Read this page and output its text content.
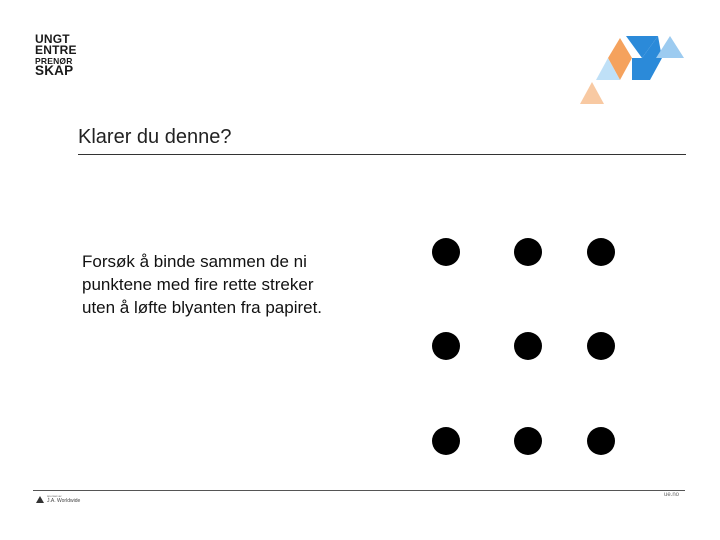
UNGT
ENTRE
PRENØR
SKAP
Klarer du denne?

Forsøk å binde sammen de ni punktene med fire rette streker uten å løfte blyanten fra papiret.

sponset av
J.A. Worldwide
ue.no
